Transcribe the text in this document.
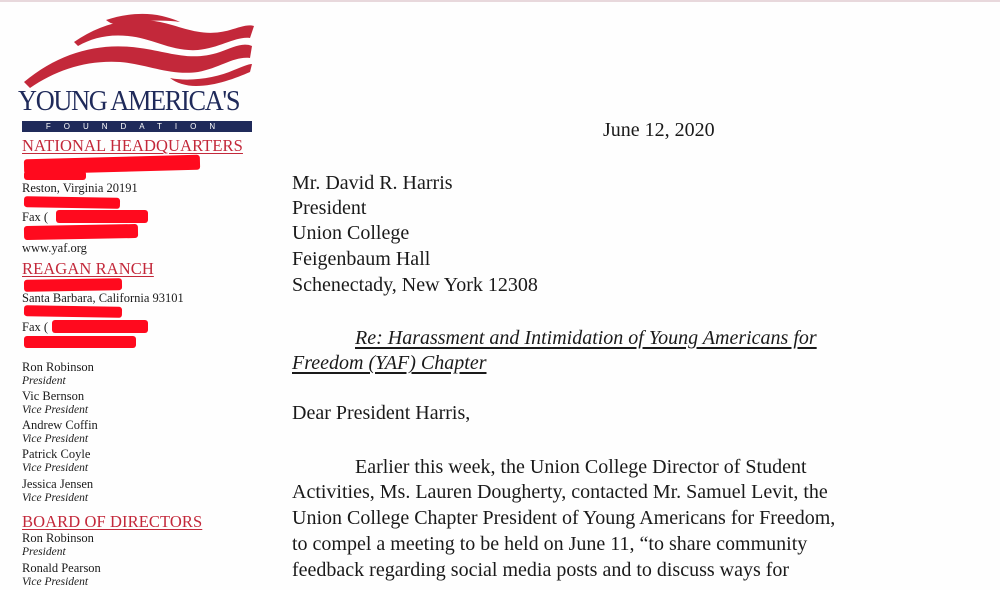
YOUNG AMERICA'S
FOUNDATION
NATIONAL HEADQUARTERS
Reston, Virginia 20191
Fax (
www.yaf.org
REAGAN RANCH
Santa Barbara, California 93101
Fax (
Ron Robinson
President
Vic Bernson
Vice President
Andrew Coffin
Vice President
Patrick Coyle
Vice President
Jessica Jensen
Vice President
BOARD OF DIRECTORS
Ron Robinson
President
Ronald Pearson
Vice President
June 12, 2020
Mr. David R. Harris
President
Union College
Feigenbaum Hall
Schenectady, New York 12308
Re: Harassment and Intimidation of Young Americans for
Freedom (YAF) Chapter
Dear President Harris,
Earlier this week, the Union College Director of Student
Activities, Ms. Lauren Dougherty, contacted Mr. Samuel Levit, the
Union College Chapter President of Young Americans for Freedom,
to compel a meeting to be held on June 11, “to share community
feedback regarding social media posts and to discuss ways for
